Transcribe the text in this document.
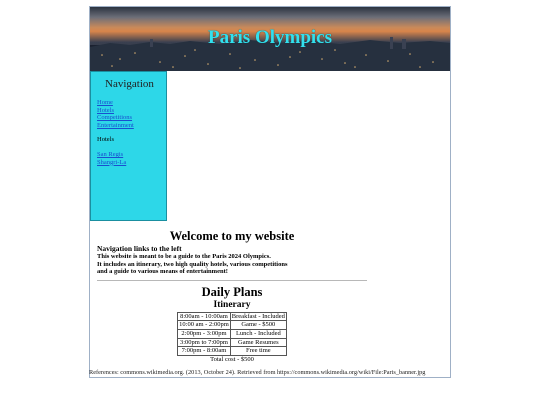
Paris Olympics
Navigation
Home
Hotels
Competitions
Entertainment
Hotels
San Regis
Shangri-La
Welcome to my website
Navigation links to the left
This website is meant to be a guide to the Paris 2024 Olympics.
It includes an itinerary, two high quality hotels, various competitions
and a guide to various means of entertainment!
Daily Plans
Itinerary
8:00am - 10:00am	Breakfast - Included
10:00 am - 2:00pm	Game - $500
2:00pm - 3:00pm	Lunch - Included
3:00pm to 7:00pm	Game Resumes
7:00pm - 8:00am	Free time
Total cost - $500
References: commons.wikimedia.org. (2013, October 24). Retrieved from https://commons.wikimedia.org/wiki/File:Paris_banner.jpg
